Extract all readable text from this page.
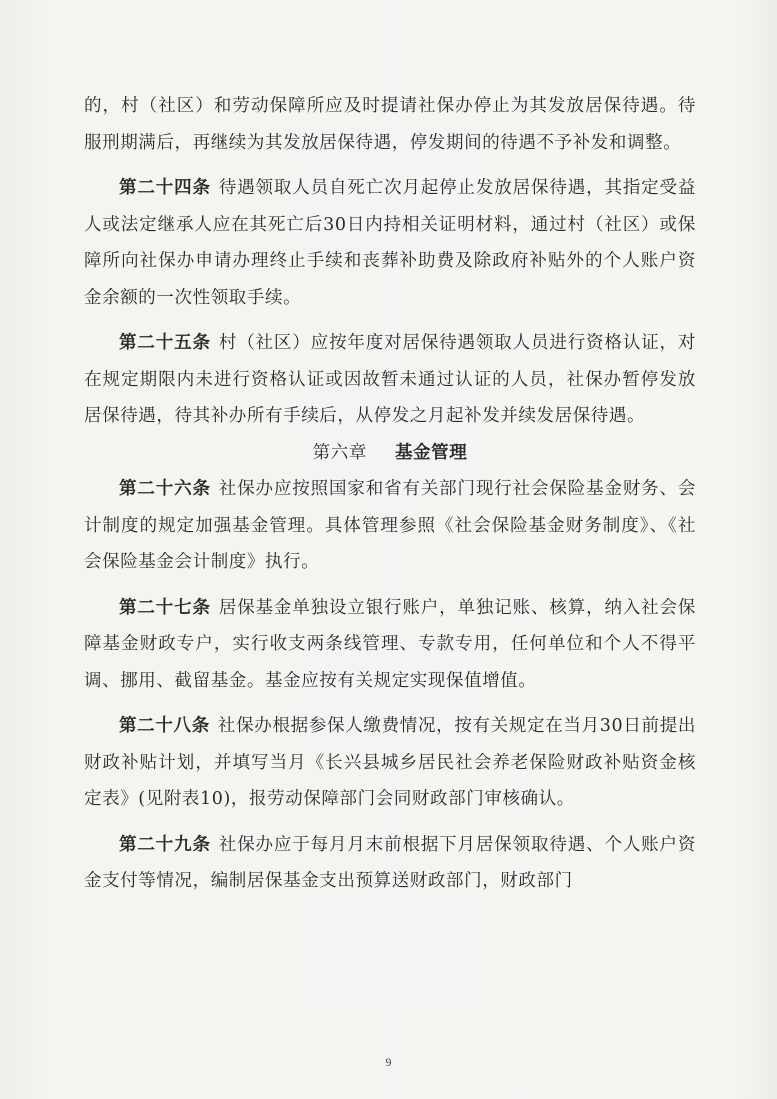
的，村（社区）和劳动保障所应及时提请社保办停止为其发放居保待遇。待服刑期满后，再继续为其发放居保待遇，停发期间的待遇不予补发和调整。

第二十四条 待遇领取人员自死亡次月起停止发放居保待遇，其指定受益人或法定继承人应在其死亡后30日内持相关证明材料，通过村（社区）或保障所向社保办申请办理终止手续和丧葬补助费及除政府补贴外的个人账户资金余额的一次性领取手续。

第二十五条 村（社区）应按年度对居保待遇领取人员进行资格认证，对在规定期限内未进行资格认证或因故暂未通过认证的人员，社保办暂停发放居保待遇，待其补办所有手续后，从停发之月起补发并续发居保待遇。

第六章 基金管理

第二十六条 社保办应按照国家和省有关部门现行社会保险基金财务、会计制度的规定加强基金管理。具体管理参照《社会保险基金财务制度》、《社会保险基金会计制度》执行。

第二十七条 居保基金单独设立银行账户，单独记账、核算，纳入社会保障基金财政专户，实行收支两条线管理、专款专用，任何单位和个人不得平调、挪用、截留基金。基金应按有关规定实现保值增值。

第二十八条 社保办根据参保人缴费情况，按有关规定在当月30日前提出财政补贴计划，并填写当月《长兴县城乡居民社会养老保险财政补贴资金核定表》(见附表10)，报劳动保障部门会同财政部门审核确认。

第二十九条 社保办应于每月月末前根据下月居保领取待遇、个人账户资金支付等情况，编制居保基金支出预算送财政部门，财政部门

9
